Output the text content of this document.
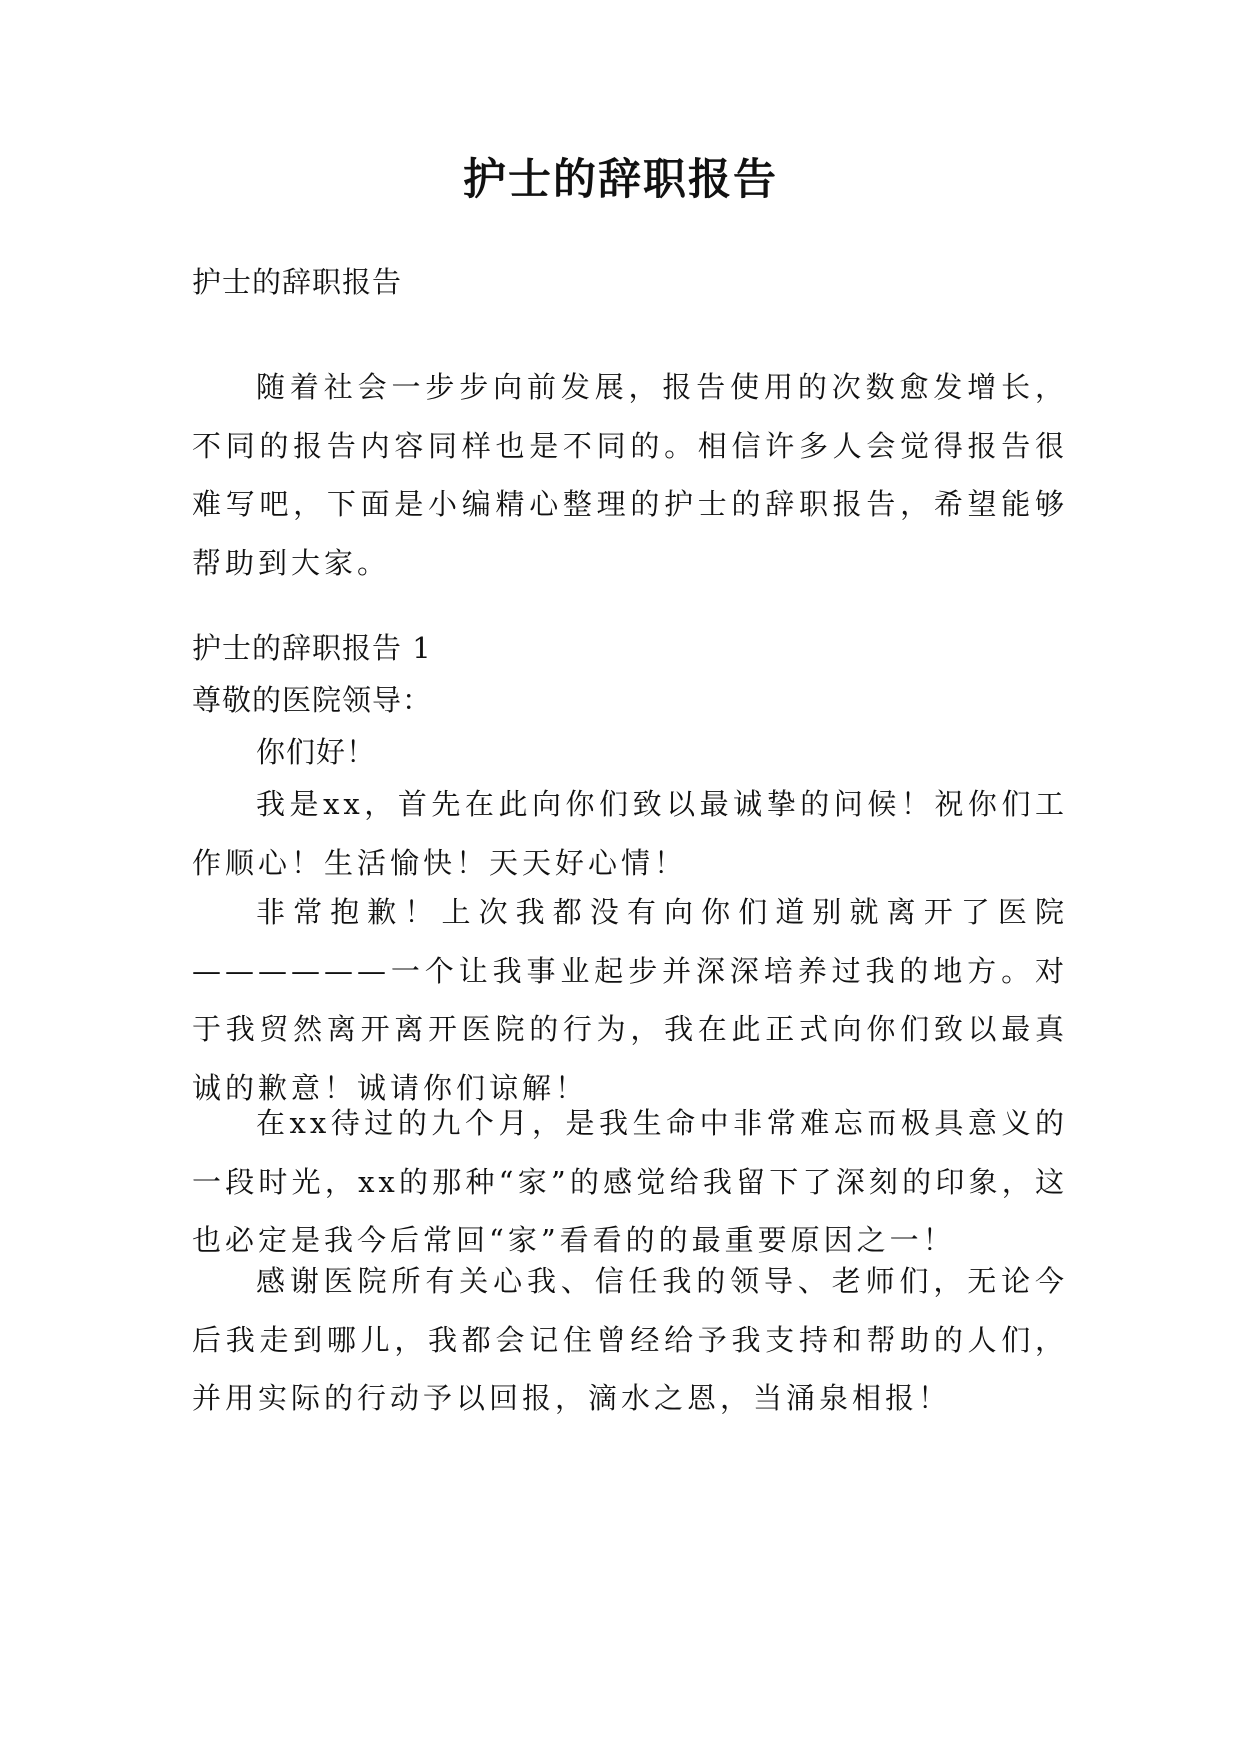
护士的辞职报告
护士的辞职报告
随着社会一步步向前发展，报告使用的次数愈发增长，不同的报告内容同样也是不同的。相信许多人会觉得报告很难写吧，下面是小编精心整理的护士的辞职报告，希望能够帮助到大家。
护士的辞职报告 1
尊敬的医院领导：
你们好！
我是xx，首先在此向你们致以最诚挚的问候！祝你们工作顺心！生活愉快！天天好心情！
非常抱歉！上次我都没有向你们道别就离开了医院——————一个让我事业起步并深深培养过我的地方。对于我贸然离开离开医院的行为，我在此正式向你们致以最真诚的歉意！诚请你们谅解！
在xx待过的九个月，是我生命中非常难忘而极具意义的一段时光，xx的那种“家”的感觉给我留下了深刻的印象，这也必定是我今后常回“家”看看的的最重要原因之一！
感谢医院所有关心我、信任我的领导、老师们，无论今后我走到哪儿，我都会记住曾经给予我支持和帮助的人们，并用实际的行动予以回报，滴水之恩，当涌泉相报！
